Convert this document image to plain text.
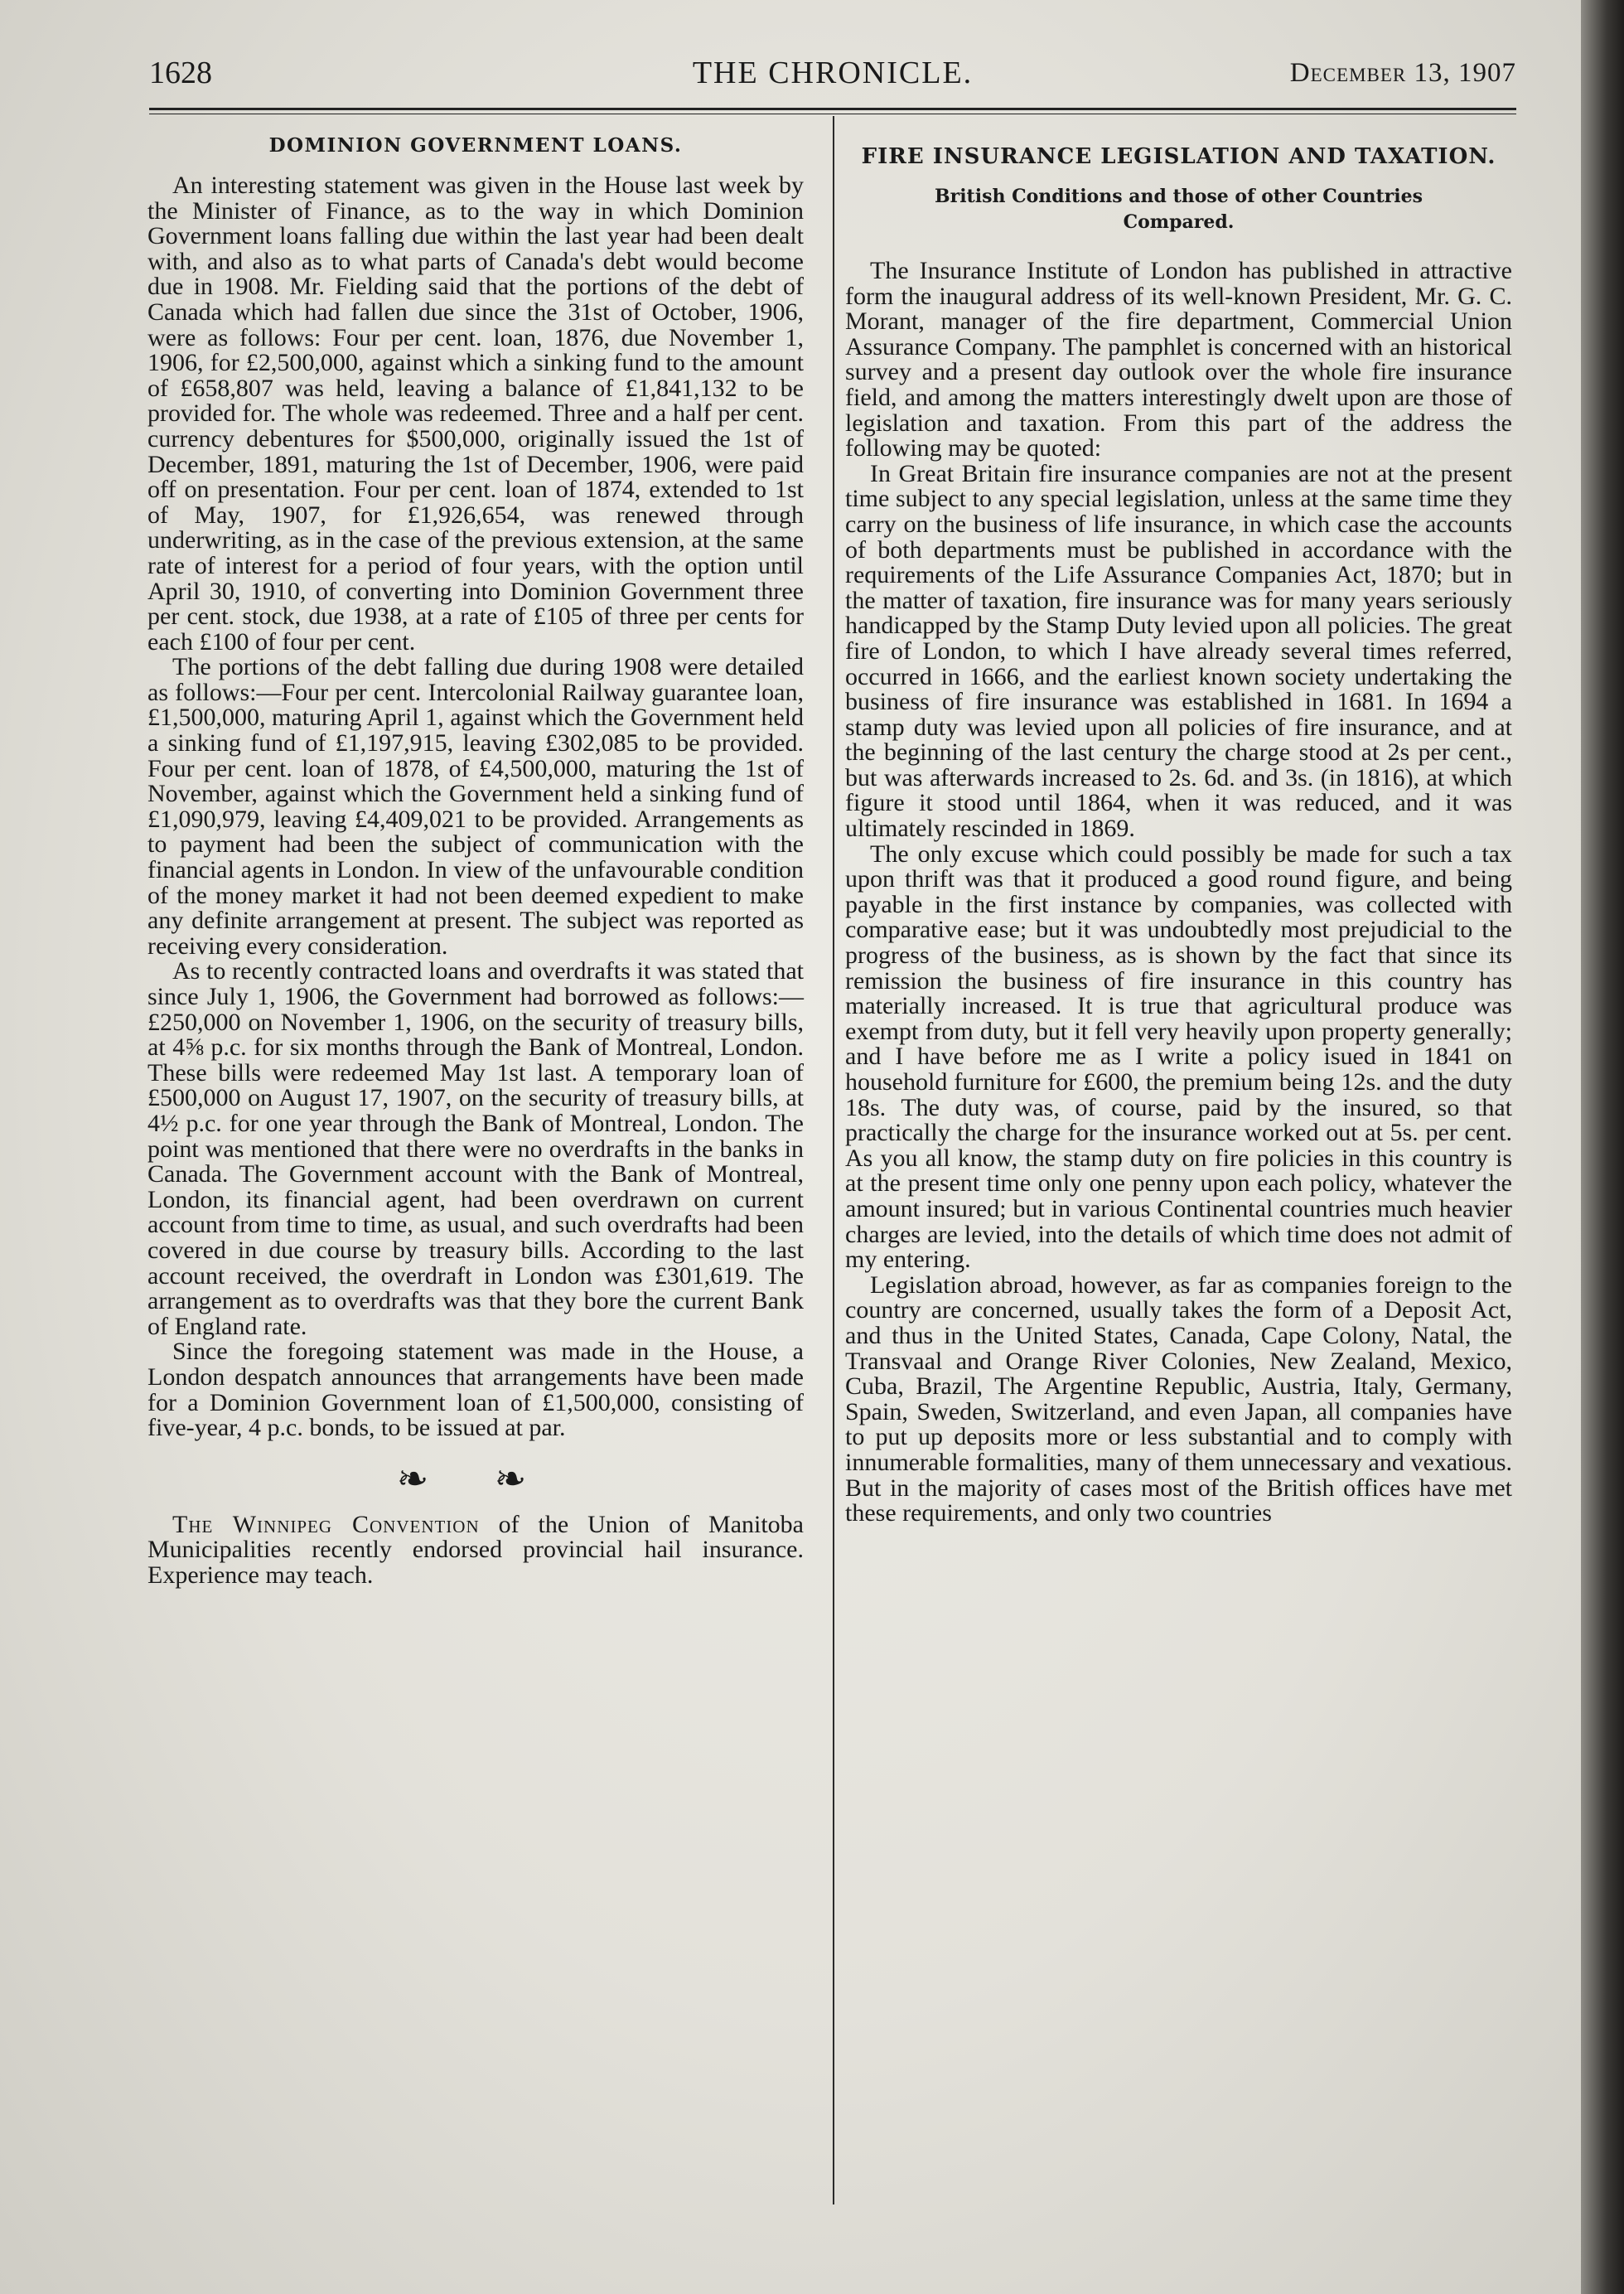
1628	THE CHRONICLE.	December 13, 1907
DOMINION GOVERNMENT LOANS.

An interesting statement was given in the House last week by the Minister of Finance, as to the way in which Dominion Government loans falling due within the last year had been dealt with, and also as to what parts of Canada's debt would become due in 1908. Mr. Fielding said that the portions of the debt of Canada which had fallen due since the 31st of October, 1906, were as follows: Four per cent. loan, 1876, due November 1, 1906, for £2,500,000, against which a sinking fund to the amount of £658,807 was held, leaving a balance of £1,841,132 to be provided for. The whole was redeemed. Three and a half per cent. currency debentures for $500,000, originally issued the 1st of December, 1891, maturing the 1st of December, 1906, were paid off on presentation. Four per cent. loan of 1874, extended to 1st of May, 1907, for £1,926,654, was renewed through underwriting, as in the case of the previous extension, at the same rate of interest for a period of four years, with the option until April 30, 1910, of converting into Dominion Government three per cent. stock, due 1938, at a rate of £105 of three per cents for each £100 of four per cent.

The portions of the debt falling due during 1908 were detailed as follows:—Four per cent. Intercolonial Railway guarantee loan, £1,500,000, maturing April 1, against which the Government held a sinking fund of £1,197,915, leaving £302,085 to be provided. Four per cent. loan of 1878, of £4,500,000, maturing the 1st of November, against which the Government held a sinking fund of £1,090,979, leaving £4,409,021 to be provided. Arrangements as to payment had been the subject of communication with the financial agents in London. In view of the unfavourable condition of the money market it had not been deemed expedient to make any definite arrangement at present. The subject was reported as receiving every consideration.

As to recently contracted loans and overdrafts it was stated that since July 1, 1906, the Government had borrowed as follows:—£250,000 on November 1, 1906, on the security of treasury bills, at 4⅝ p.c. for six months through the Bank of Montreal, London. These bills were redeemed May 1st last. A temporary loan of £500,000 on August 17, 1907, on the security of treasury bills, at 4½ p.c. for one year through the Bank of Montreal, London. The point was mentioned that there were no overdrafts in the banks in Canada. The Government account with the Bank of Montreal, London, its financial agent, had been overdrawn on current account from time to time, as usual, and such overdrafts had been covered in due course by treasury bills. According to the last account received, the overdraft in London was £301,619. The arrangement as to overdrafts was that they bore the current Bank of England rate.

Since the foregoing statement was made in the House, a London despatch announces that arrangements have been made for a Dominion Government loan of £1,500,000, consisting of five-year, 4 p.c. bonds, to be issued at par.

❧ ❧

The Winnipeg Convention of the Union of Manitoba Municipalities recently endorsed provincial hail insurance. Experience may teach.

FIRE INSURANCE LEGISLATION AND TAXATION.
British Conditions and those of other Countries Compared.

The Insurance Institute of London has published in attractive form the inaugural address of its well-known President, Mr. G. C. Morant, manager of the fire department, Commercial Union Assurance Company. The pamphlet is concerned with an historical survey and a present day outlook over the whole fire insurance field, and among the matters interestingly dwelt upon are those of legislation and taxation. From this part of the address the following may be quoted:

In Great Britain fire insurance companies are not at the present time subject to any special legislation, unless at the same time they carry on the business of life insurance, in which case the accounts of both departments must be published in accordance with the requirements of the Life Assurance Companies Act, 1870; but in the matter of taxation, fire insurance was for many years seriously handicapped by the Stamp Duty levied upon all policies. The great fire of London, to which I have already several times referred, occurred in 1666, and the earliest known society undertaking the business of fire insurance was established in 1681. In 1694 a stamp duty was levied upon all policies of fire insurance, and at the beginning of the last century the charge stood at 2s per cent., but was afterwards increased to 2s. 6d. and 3s. (in 1816), at which figure it stood until 1864, when it was reduced, and it was ultimately rescinded in 1869.

The only excuse which could possibly be made for such a tax upon thrift was that it produced a good round figure, and being payable in the first instance by companies, was collected with comparative ease; but it was undoubtedly most prejudicial to the progress of the business, as is shown by the fact that since its remission the business of fire insurance in this country has materially increased. It is true that agricultural produce was exempt from duty, but it fell very heavily upon property generally; and I have before me as I write a policy isued in 1841 on household furniture for £600, the premium being 12s. and the duty 18s. The duty was, of course, paid by the insured, so that practically the charge for the insurance worked out at 5s. per cent. As you all know, the stamp duty on fire policies in this country is at the present time only one penny upon each policy, whatever the amount insured; but in various Continental countries much heavier charges are levied, into the details of which time does not admit of my entering.

Legislation abroad, however, as far as companies foreign to the country are concerned, usually takes the form of a Deposit Act, and thus in the United States, Canada, Cape Colony, Natal, the Transvaal and Orange River Colonies, New Zealand, Mexico, Cuba, Brazil, The Argentine Republic, Austria, Italy, Germany, Spain, Sweden, Switzerland, and even Japan, all companies have to put up deposits more or less substantial and to comply with innumerable formalities, many of them unnecessary and vexatious. But in the majority of cases most of the British offices have met these requirements, and only two countries
